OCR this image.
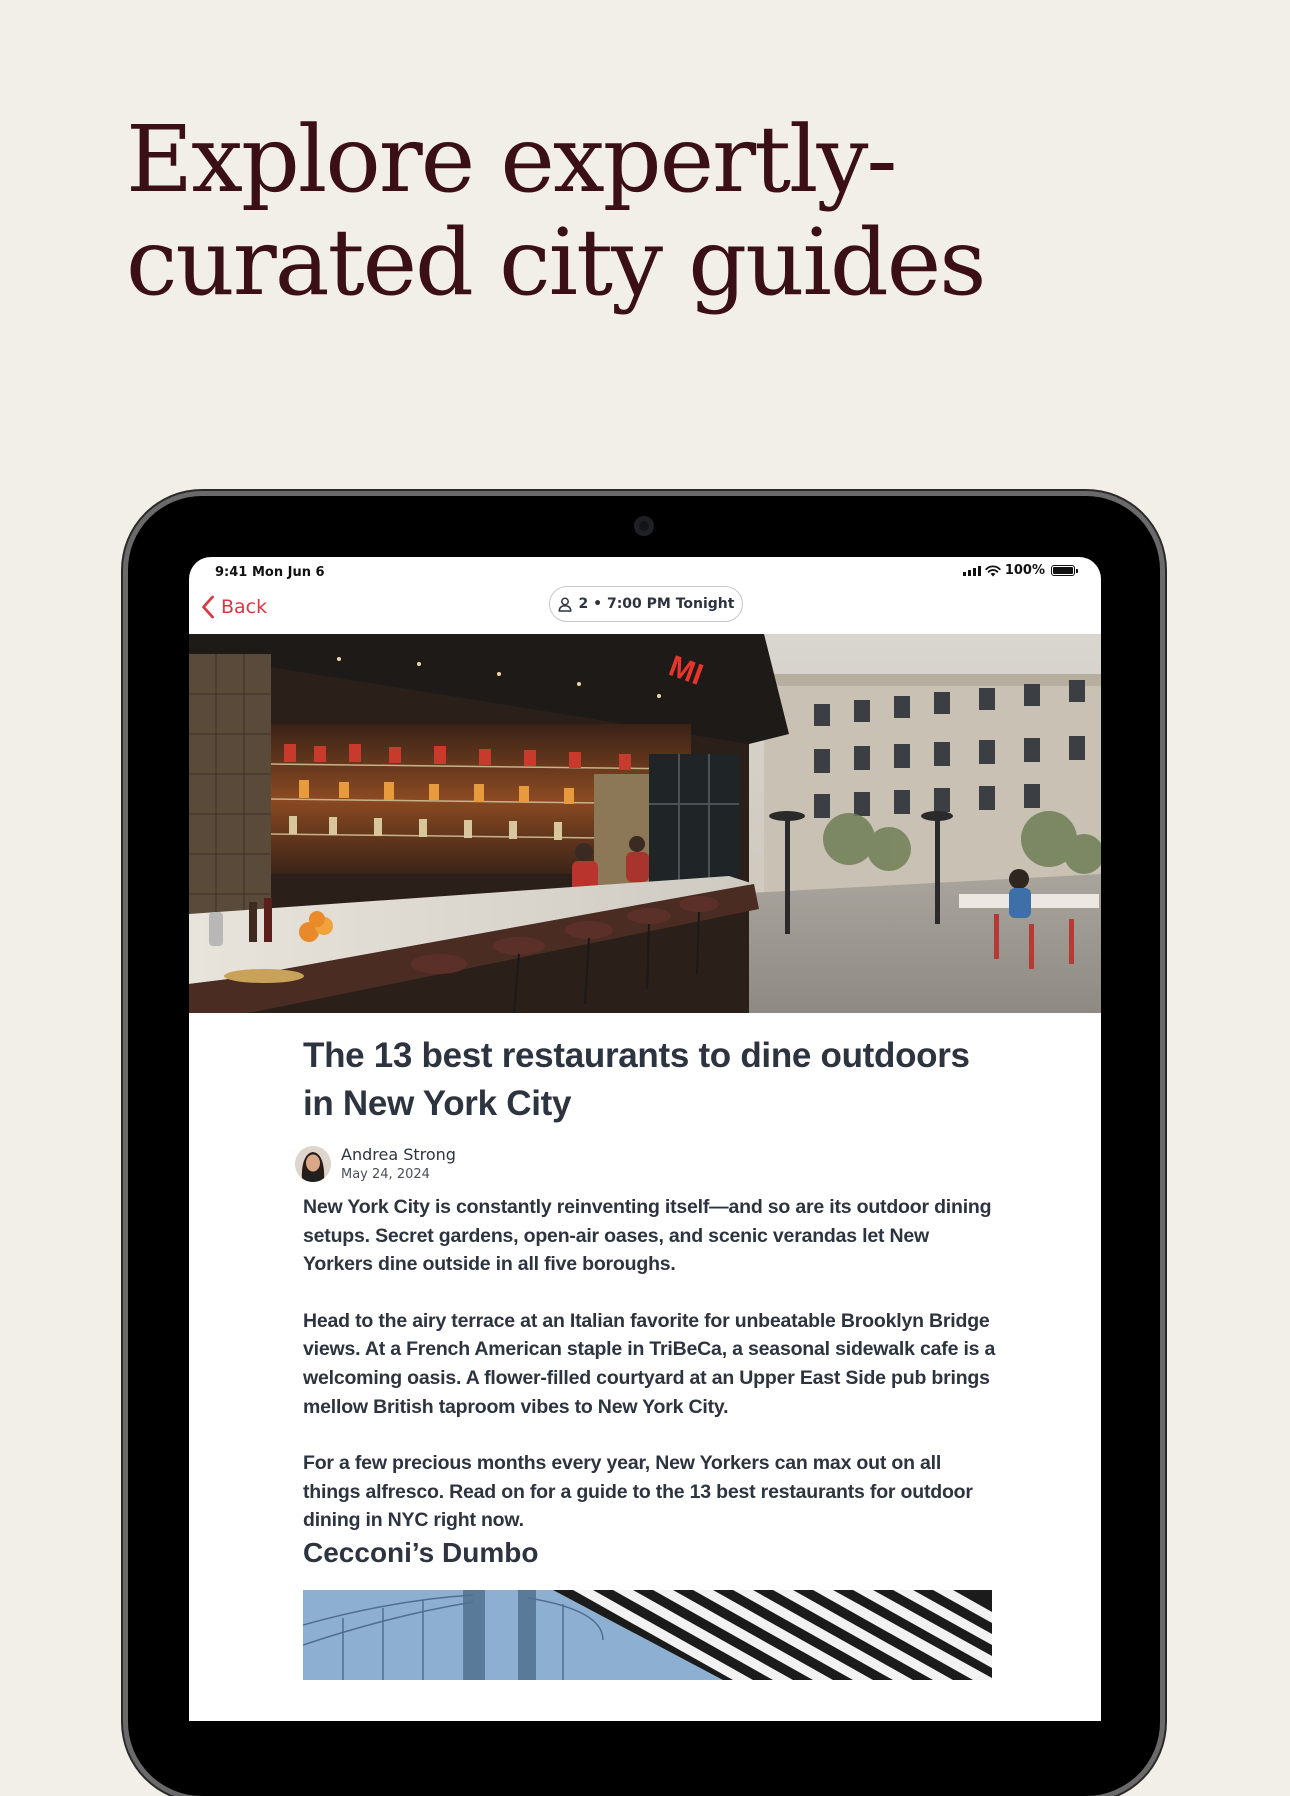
Explore expertly-
curated city guides
9:41 Mon Jun 6	100%
Back	2 • 7:00 PM Tonight
MI
The 13 best restaurants to dine outdoors in New York City
Andrea Strong
May 24, 2024

New York City is constantly reinventing itself—and so are its outdoor dining setups. Secret gardens, open-air oases, and scenic verandas let New Yorkers dine outside in all five boroughs.

Head to the airy terrace at an Italian favorite for unbeatable Brooklyn Bridge views. At a French American staple in TriBeCa, a seasonal sidewalk cafe is a welcoming oasis. A flower-filled courtyard at an Upper East Side pub brings mellow British taproom vibes to New York City.

For a few precious months every year, New Yorkers can max out on all things alfresco. Read on for a guide to the 13 best restaurants for outdoor dining in NYC right now.

Cecconi’s Dumbo
